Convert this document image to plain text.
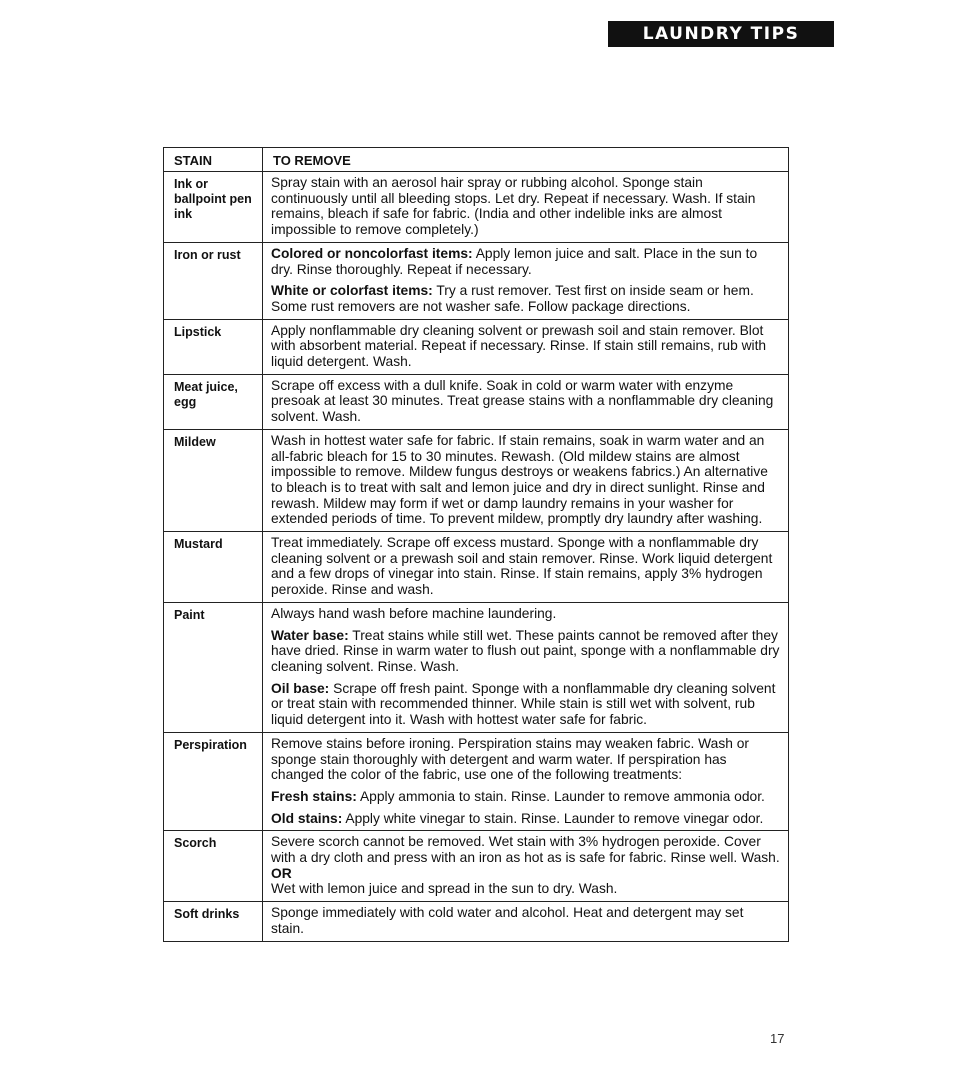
LAUNDRY TIPS
STAIN	TO REMOVE
Ink or ballpoint pen ink	Spray stain with an aerosol hair spray or rubbing alcohol. Sponge stain continuously until all bleeding stops. Let dry. Repeat if necessary. Wash. If stain remains, bleach if safe for fabric. (India and other indelible inks are almost impossible to remove completely.)

Iron or rust	Colored or noncolorfast items: Apply lemon juice and salt. Place in the sun to dry. Rinse thoroughly. Repeat if necessary.

White or colorfast items: Try a rust remover. Test first on inside seam or hem. Some rust removers are not washer safe. Follow package directions.

Lipstick	Apply nonflammable dry cleaning solvent or prewash soil and stain remover. Blot with absorbent material. Repeat if necessary. Rinse. If stain still remains, rub with liquid detergent. Wash.

Meat juice, egg	Scrape off excess with a dull knife. Soak in cold or warm water with enzyme presoak at least 30 minutes. Treat grease stains with a nonflammable dry cleaning solvent. Wash.

Mildew	Wash in hottest water safe for fabric. If stain remains, soak in warm water and an all-fabric bleach for 15 to 30 minutes. Rewash. (Old mildew stains are almost impossible to remove. Mildew fungus destroys or weakens fabrics.) An alternative to bleach is to treat with salt and lemon juice and dry in direct sunlight. Rinse and rewash. Mildew may form if wet or damp laundry remains in your washer for extended periods of time. To prevent mildew, promptly dry laundry after washing.

Mustard	Treat immediately. Scrape off excess mustard. Sponge with a nonflammable dry cleaning solvent or a prewash soil and stain remover. Rinse. Work liquid detergent and a few drops of vinegar into stain. Rinse. If stain remains, apply 3% hydrogen peroxide. Rinse and wash.

Paint	Always hand wash before machine laundering.

Water base: Treat stains while still wet. These paints cannot be removed after they have dried. Rinse in warm water to flush out paint, sponge with a nonflammable dry cleaning solvent. Rinse. Wash.

Oil base: Scrape off fresh paint. Sponge with a nonflammable dry cleaning solvent or treat stain with recommended thinner. While stain is still wet with solvent, rub liquid detergent into it. Wash with hottest water safe for fabric.

Perspiration	Remove stains before ironing. Perspiration stains may weaken fabric. Wash or sponge stain thoroughly with detergent and warm water. If perspiration has changed the color of the fabric, use one of the following treatments:

Fresh stains: Apply ammonia to stain. Rinse. Launder to remove ammonia odor.

Old stains: Apply white vinegar to stain. Rinse. Launder to remove vinegar odor.

Scorch	Severe scorch cannot be removed. Wet stain with 3% hydrogen peroxide. Cover with a dry cloth and press with an iron as hot as is safe for fabric. Rinse well. Wash.

OR

Wet with lemon juice and spread in the sun to dry. Wash.

Soft drinks	Sponge immediately with cold water and alcohol. Heat and detergent may set stain.

17
